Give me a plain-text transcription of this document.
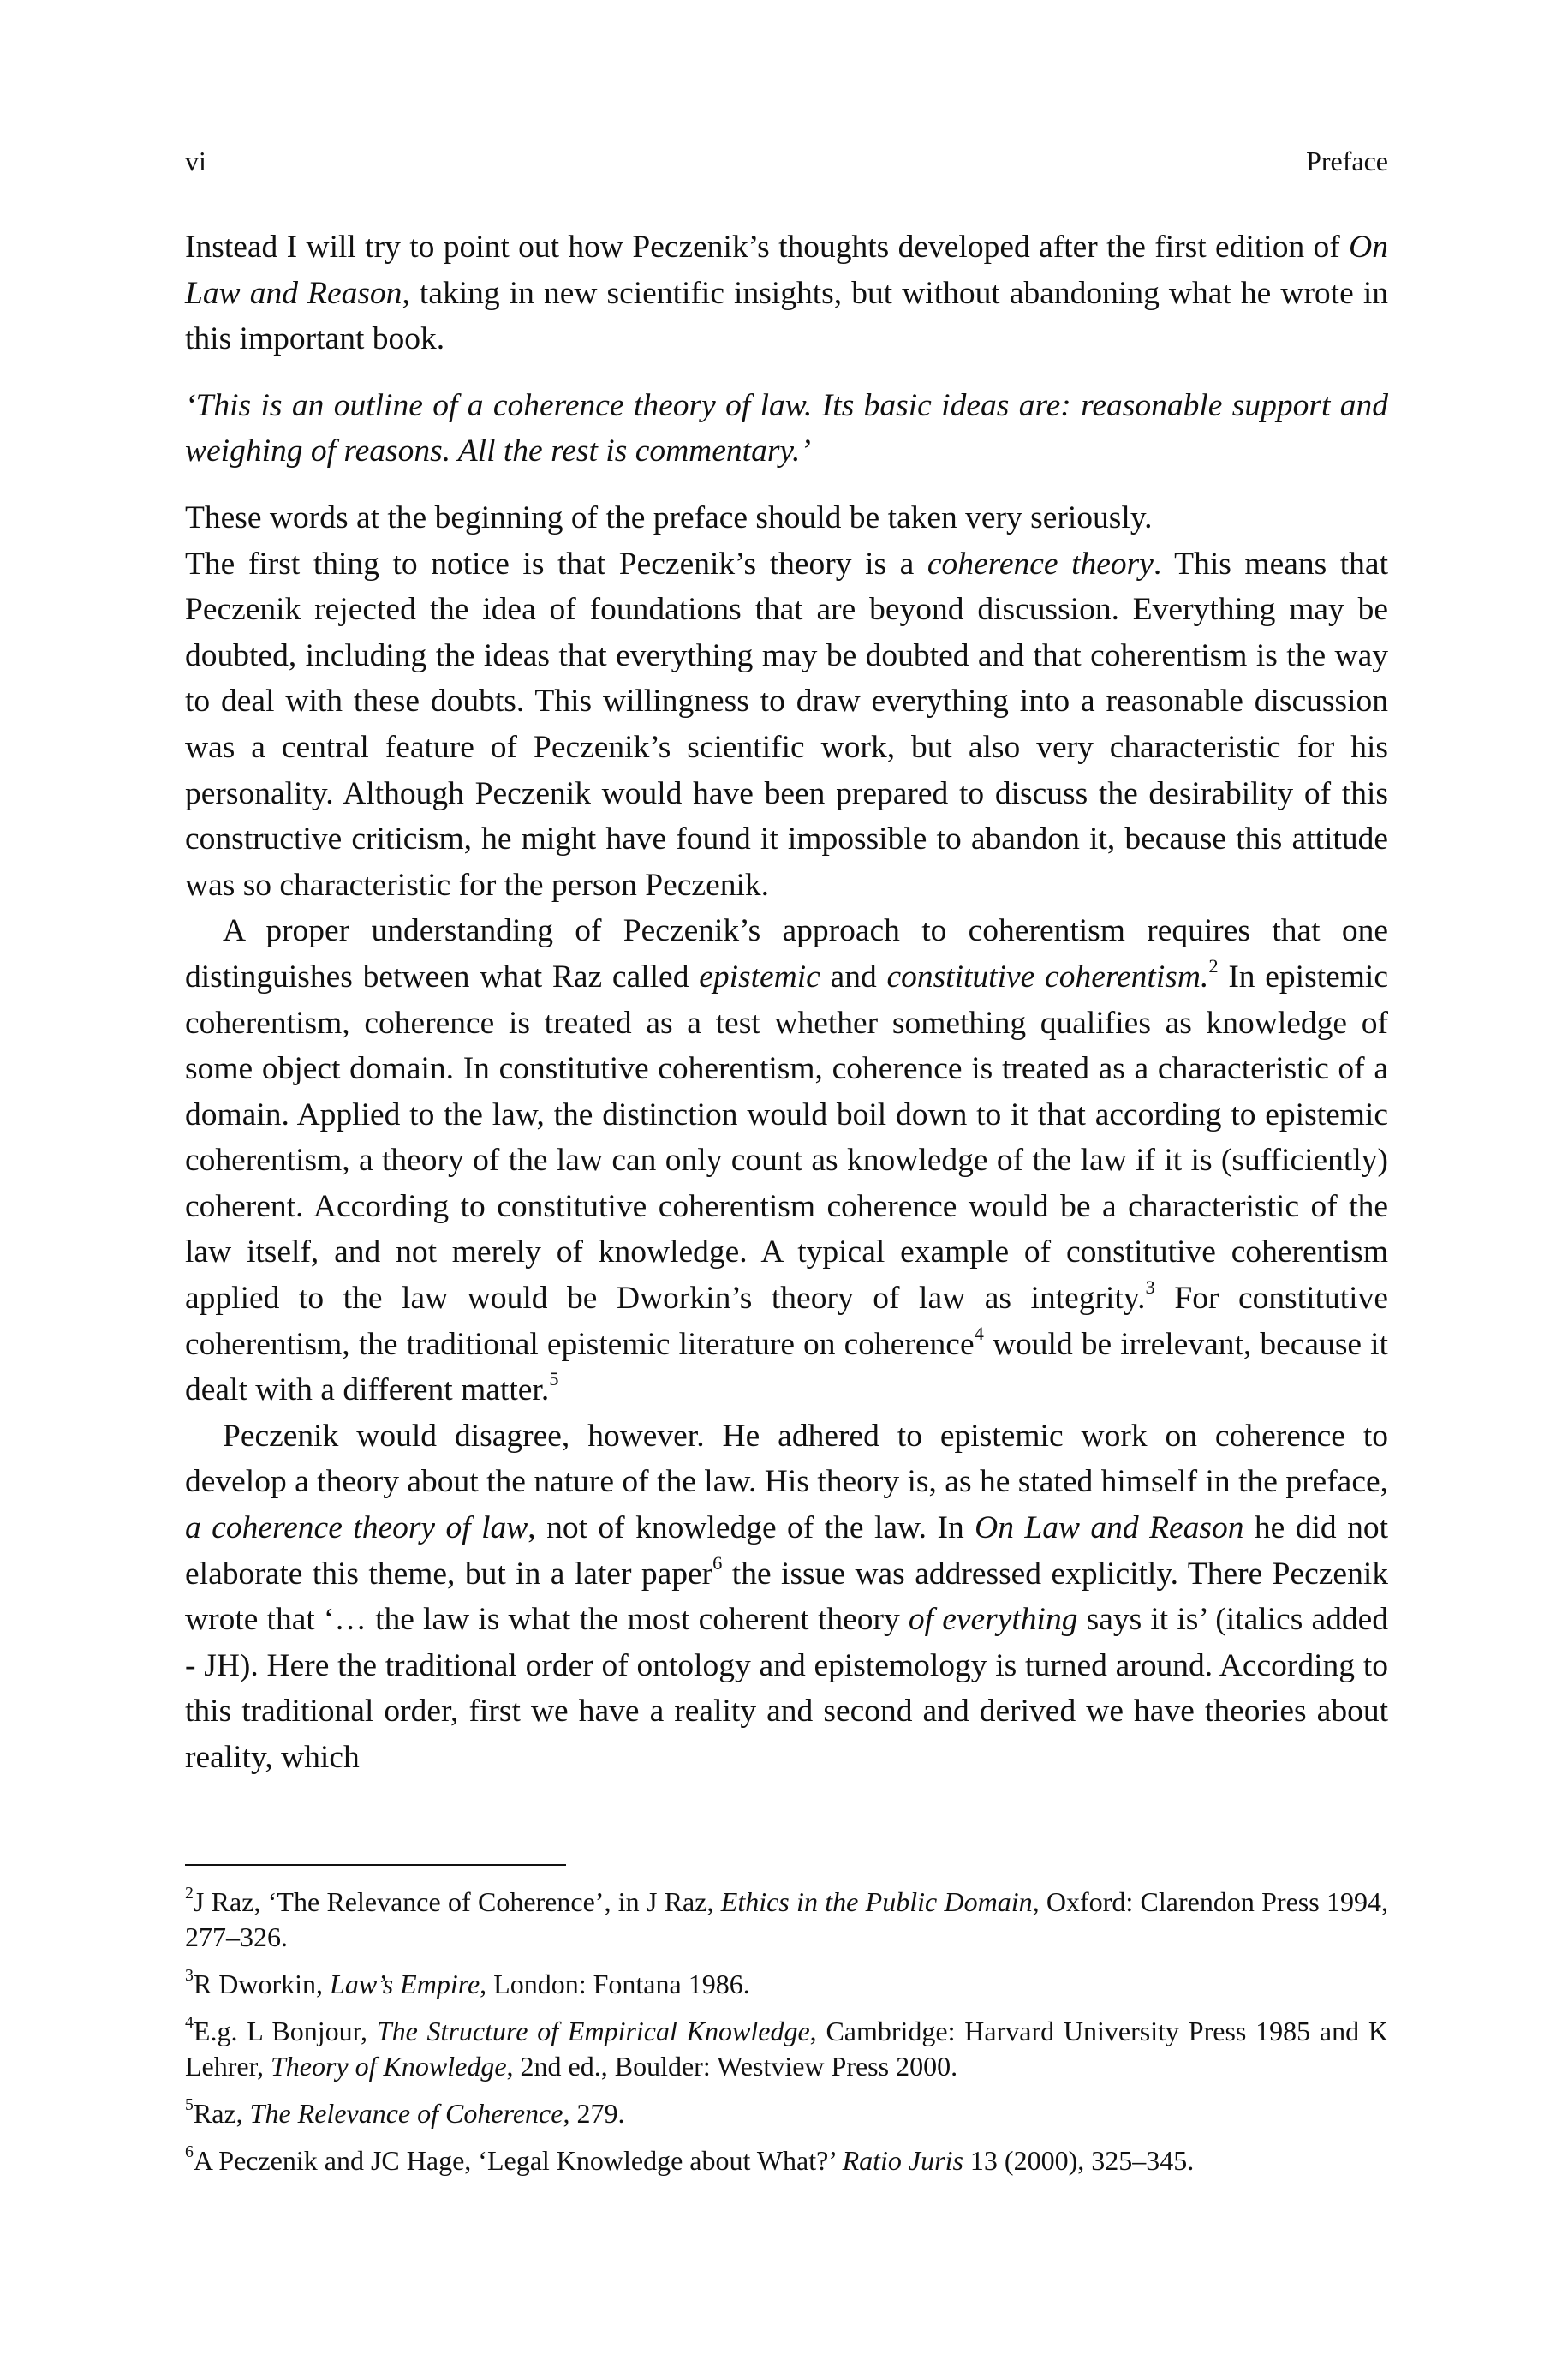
vi	Preface

Instead I will try to point out how Peczenik’s thoughts developed after the first edition of On Law and Reason, taking in new scientific insights, but without abandoning what he wrote in this important book.

‘This is an outline of a coherence theory of law. Its basic ideas are: reasonable support and weighing of reasons. All the rest is commentary.’

These words at the beginning of the preface should be taken very seriously.

The first thing to notice is that Peczenik’s theory is a coherence theory. This means that Peczenik rejected the idea of foundations that are beyond discussion. Everything may be doubted, including the ideas that everything may be doubted and that coherentism is the way to deal with these doubts. This willingness to draw everything into a reasonable discussion was a central feature of Peczenik’s scientific work, but also very characteristic for his personality. Although Peczenik would have been prepared to discuss the desirability of this constructive criticism, he might have found it impossible to abandon it, because this attitude was so characteristic for the person Peczenik.

A proper understanding of Peczenik’s approach to coherentism requires that one distinguishes between what Raz called epistemic and constitutive coherentism.$^2$ In epistemic coherentism, coherence is treated as a test whether something qualifies as knowledge of some object domain. In constitutive coherentism, coherence is treated as a characteristic of a domain. Applied to the law, the distinction would boil down to it that according to epistemic coherentism, a theory of the law can only count as knowledge of the law if it is (sufficiently) coherent. According to constitutive coherentism coherence would be a characteristic of the law itself, and not merely of knowledge. A typical example of constitutive coherentism applied to the law would be Dworkin’s theory of law as integrity.$^3$ For constitutive coherentism, the traditional epistemic literature on coherence$^4$ would be irrelevant, because it dealt with a different matter.$^5$

Peczenik would disagree, however. He adhered to epistemic work on coherence to develop a theory about the nature of the law. His theory is, as he stated himself in the preface, a coherence theory of law, not of knowledge of the law. In On Law and Reason he did not elaborate this theme, but in a later paper$^6$ the issue was addressed explicitly. There Peczenik wrote that ‘… the law is what the most coherent theory of everything says it is’ (italics added - JH). Here the traditional order of ontology and epistemology is turned around. According to this traditional order, first we have a reality and second and derived we have theories about reality, which

$^2$J Raz, ‘The Relevance of Coherence’, in J Raz, Ethics in the Public Domain, Oxford: Clarendon Press 1994, 277–326.

$^3$R Dworkin, Law’s Empire, London: Fontana 1986.

$^4$E.g. L Bonjour, The Structure of Empirical Knowledge, Cambridge: Harvard University Press 1985 and K Lehrer, Theory of Knowledge, 2nd ed., Boulder: Westview Press 2000.

$^5$Raz, The Relevance of Coherence, 279.

$^6$A Peczenik and JC Hage, ‘Legal Knowledge about What?’ Ratio Juris 13 (2000), 325–345.
